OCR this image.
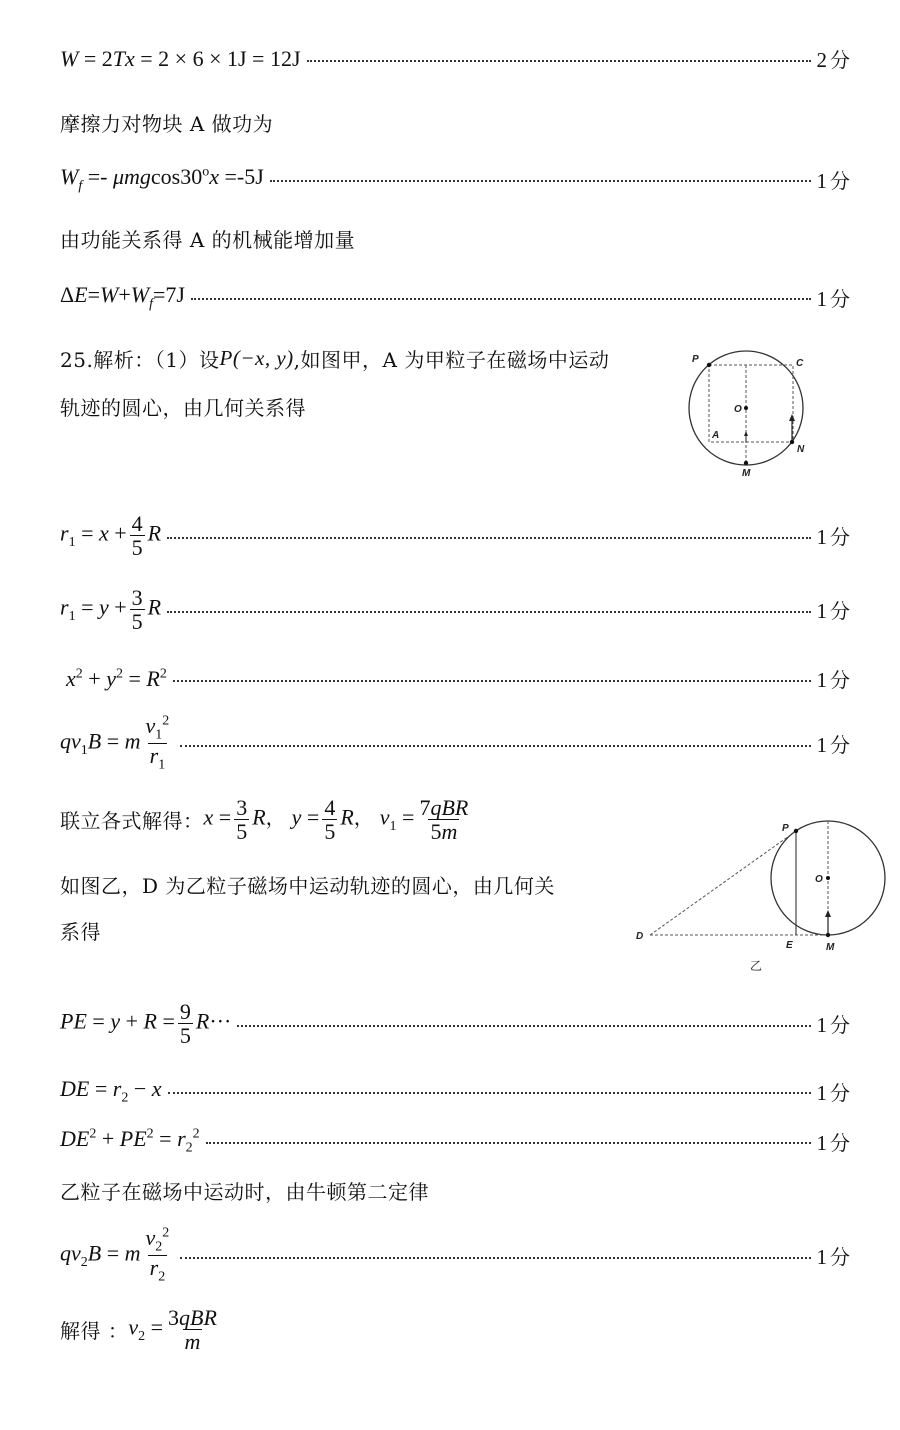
W = 2Tx = 2 × 6 × 1J = 12J	2 分
摩擦力对物块 A 做功为
$W_f =- \mu mgcos30^ox =-5J$	1 分
由功能关系得 A 的机械能增加量
$\Delta E=W+W_f=7J$	1 分
25.解析：（1）设 P(−x, y) ,如图甲，A 为甲粒子在磁场中运动
轨迹的圆心，由几何关系得
P	C
O
A
N
M
$r_1 = x + \frac{4}{5}$ R	1 分
$r_1 = y + \frac{3}{5}$ R	1 分
$x^2 + y^2 = R^2$	1 分
$qv_1B = m \frac{v_1^2}{r_1}$	1 分
联立各式解得： $x = \frac{3}{5}$ R， $y = \frac{4}{5}$ R， $v_1 = \frac{\text{7qBR}}{5m}$
如图乙，D 为乙粒子磁场中运动轨迹的圆心，由几何关
系得
P
O
D
E	M
乙
PE = $y + R = \frac{9}{5} R\cdot\cdot\cdot$	1 分
DE = $r_2 - x$	1 分
$DE^2 + PE^2 = r_2^2$	1 分
乙粒子在磁场中运动时，由牛顿第二定律
$qv_2B = m \frac{v_2^2}{r_2}$	1 分
解得 ： $v_2 = \frac{\text{3qBR}}{m}$
